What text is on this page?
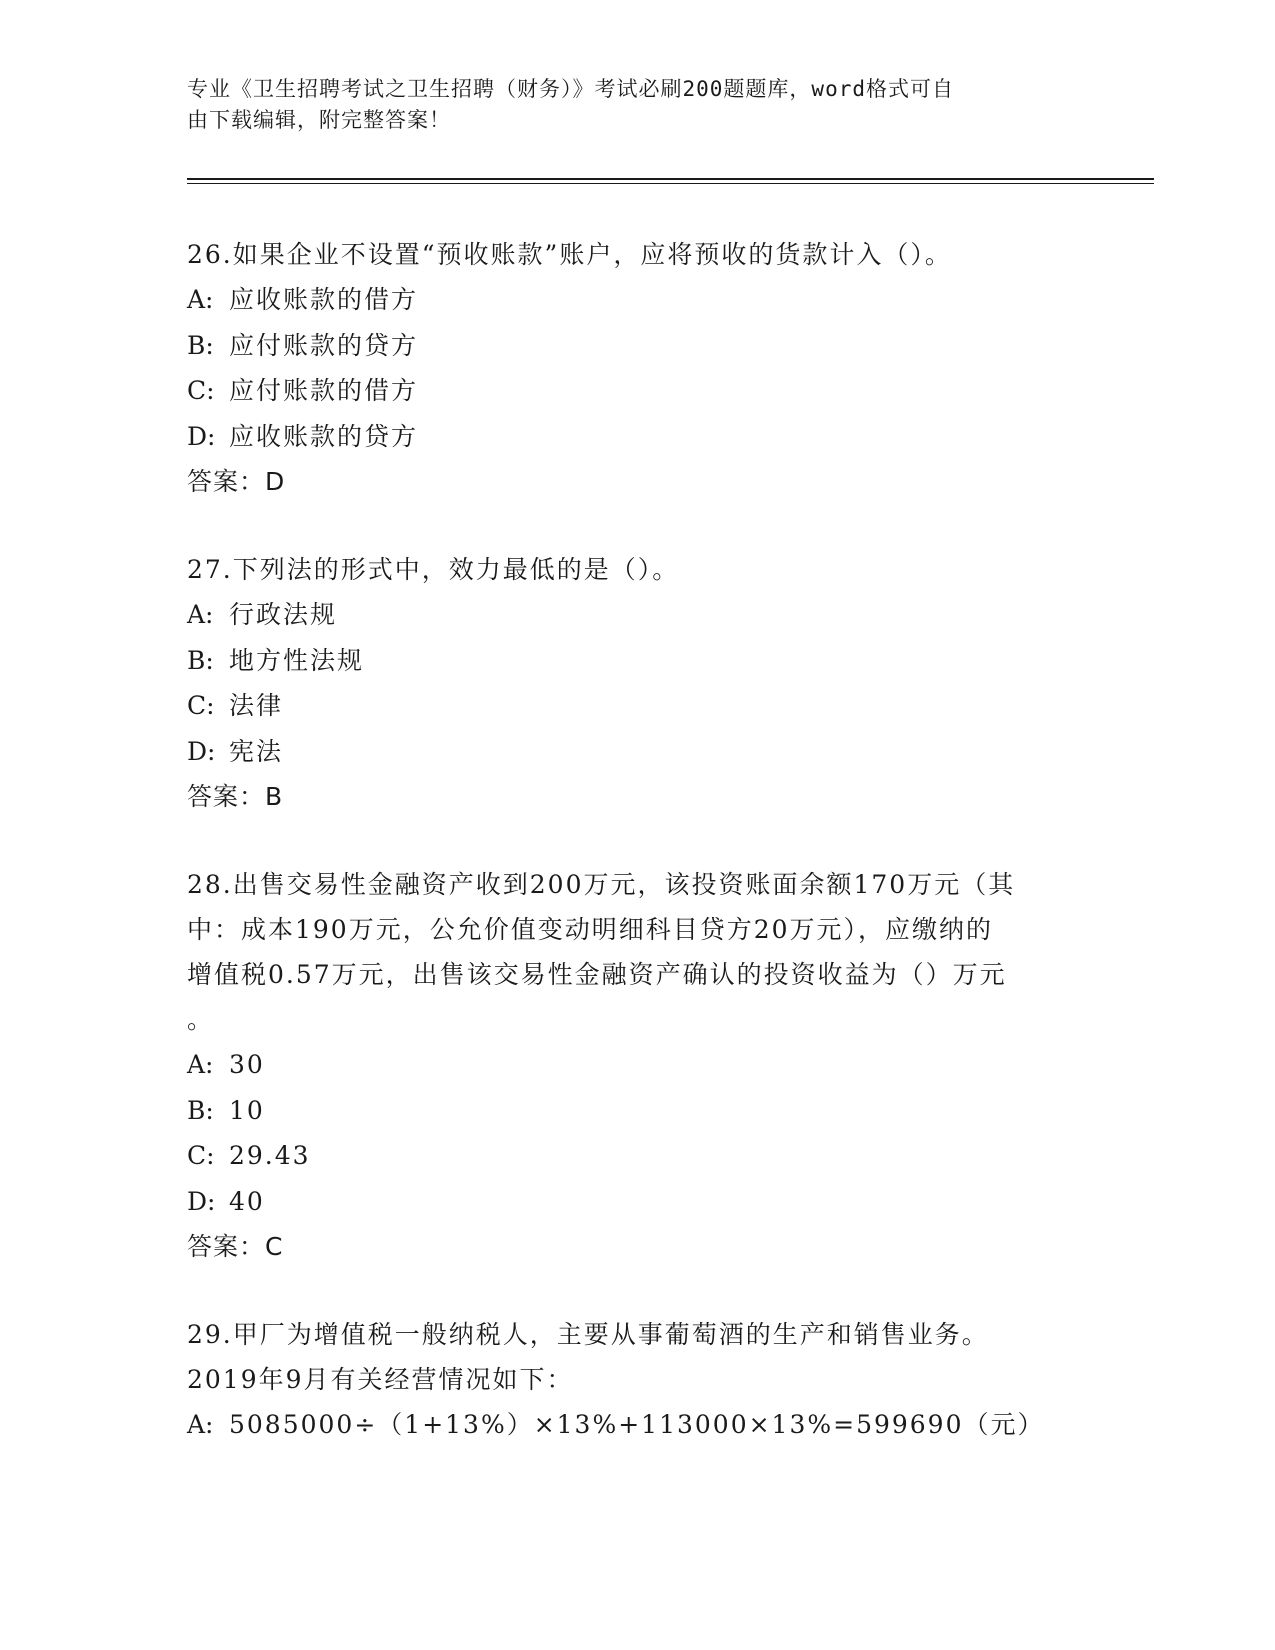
专业《卫生招聘考试之卫生招聘（财务）》考试必刷200题题库，word格式可自
由下载编辑，附完整答案！

26.如果企业不设置“预收账款”账户，应将预收的货款计入（）。

A: 应收账款的借方

B: 应付账款的贷方

C: 应付账款的借方

D: 应收账款的贷方

答案：D

27.下列法的形式中，效力最低的是（）。

A: 行政法规

B: 地方性法规

C: 法律

D: 宪法

答案：B

28.出售交易性金融资产收到200万元，该投资账面余额170万元（其

中：成本190万元，公允价值变动明细科目贷方20万元），应缴纳的

增值税0.57万元，出售该交易性金融资产确认的投资收益为（）万元

。

A: 30

B: 10

C: 29.43

D: 40

答案：C

29.甲厂为增值税一般纳税人，主要从事葡萄酒的生产和销售业务。

2019年9月有关经营情况如下：

A: 5085000÷（1+13%）×13%+113000×13%=599690（元）
